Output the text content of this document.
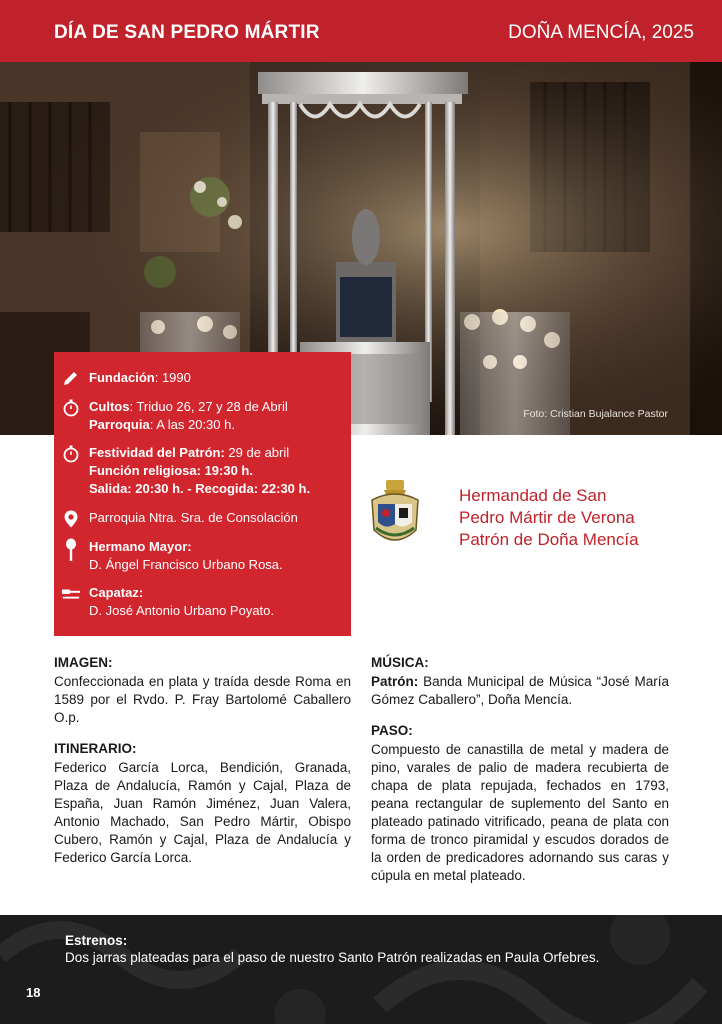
DÍA DE SAN PEDRO MÁRTIR	DOÑA MENCÍA, 2025
Foto: Cristian Bujalance Pastor
Fundación: 1990
Cultos: Triduo 26, 27 y 28 de Abril
Parroquia: A las 20:30 h.
Festividad del Patrón: 29 de abril
Función religiosa: 19:30 h.
Salida: 20:30 h. - Recogida: 22:30 h.
Parroquia Ntra. Sra. de Consolación
Hermano Mayor:
D. Ángel Francisco Urbano Rosa.
Capataz:
D. José Antonio Urbano Poyato.
Hermandad de San
Pedro Mártir de Verona
Patrón de Doña Mencía
IMAGEN:
Confeccionada en plata y traída desde Roma en 1589 por el Rvdo. P. Fray Bartolomé Caballero O.p.
ITINERARIO:
Federico García Lorca, Bendición, Granada, Plaza de Andalucía, Ramón y Cajal, Plaza de España, Juan Ramón Jiménez, Juan Valera, Antonio Machado, San Pedro Mártir, Obispo Cubero, Ramón y Cajal, Plaza de Andalucía y Federico García Lorca.
MÚSICA:
Patrón: Banda Municipal de Música “José María Gómez Caballero”, Doña Mencía.
PASO:
Compuesto de canastilla de metal y madera de pino, varales de palio de madera recubierta de chapa de plata repujada, fechados en 1793, peana rectangular de suplemento del Santo en plateado patinado vitrificado, peana de plata con forma de tronco piramidal y escudos dorados de la orden de predicadores adornando sus caras y cúpula en metal plateado.
Estrenos:
Dos jarras plateadas para el paso de nuestro Santo Patrón realizadas en Paula Orfebres.
18
